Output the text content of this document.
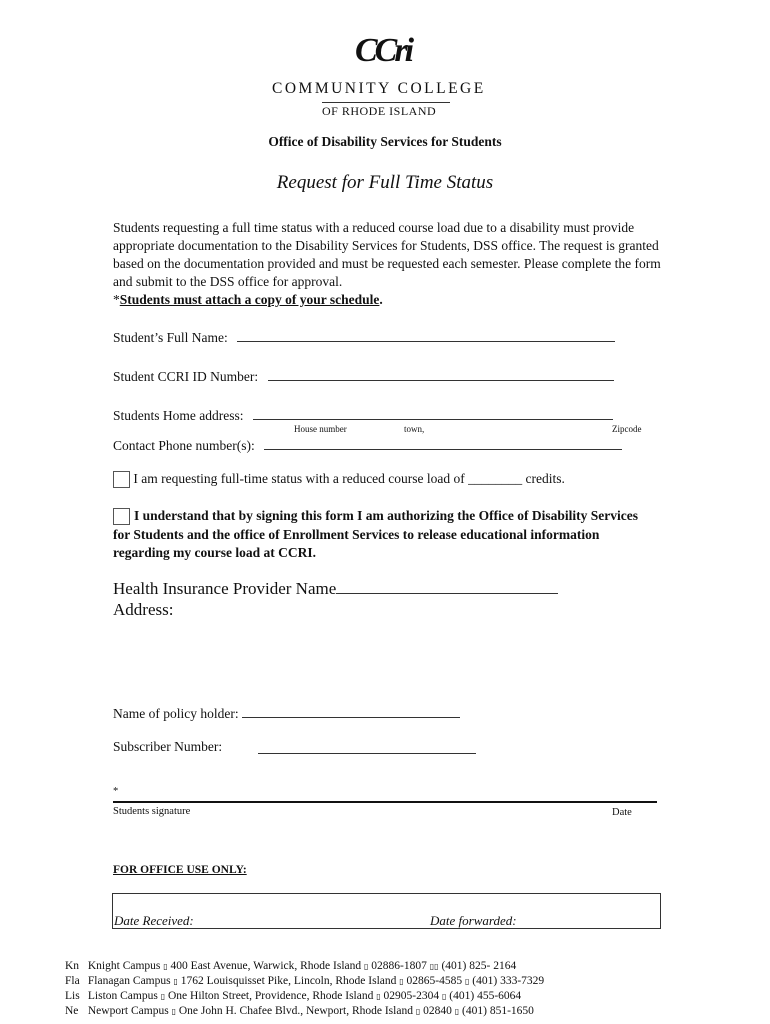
CCri
COMMUNITY COLLEGE
OF RHODE ISLAND
Office of Disability Services for Students
Request for Full Time Status
Students requesting a full time status with a reduced course load due to a disability must provide appropriate documentation to the Disability Services for Students, DSS office. The request is granted based on the documentation provided and must be requested each semester. Please complete the form and submit to the DSS office for approval.
*Students must attach a copy of your schedule.
Student’s Full Name:
Student CCRI ID Number:
Students Home address:
House number	town,	Zipcode
Contact Phone number(s):
I am requesting full-time status with a reduced course load of ________ credits.
I understand that by signing this form I am authorizing the Office of Disability Services for Students and the office of Enrollment Services to release educational information regarding my course load at CCRI.
Health Insurance Provider Name
Address:
Name of policy holder:
Subscriber Number:
*
Students signature	Date
FOR OFFICE USE ONLY:
Date Received:	Date forwarded:
Kn Knight Campus ▯ 400 East Avenue, Warwick, Rhode Island ▯ 02886-1807 ▯▯ (401) 825- 2164
Fla Flanagan Campus ▯ 1762 Louisquisset Pike, Lincoln, Rhode Island ▯ 02865-4585 ▯ (401) 333-7329
Lis Liston Campus ▯ One Hilton Street, Providence, Rhode Island ▯ 02905-2304 ▯ (401) 455-6064
Ne Newport Campus ▯ One John H. Chafee Blvd., Newport, Rhode Island ▯ 02840 ▯ (401) 851-1650
